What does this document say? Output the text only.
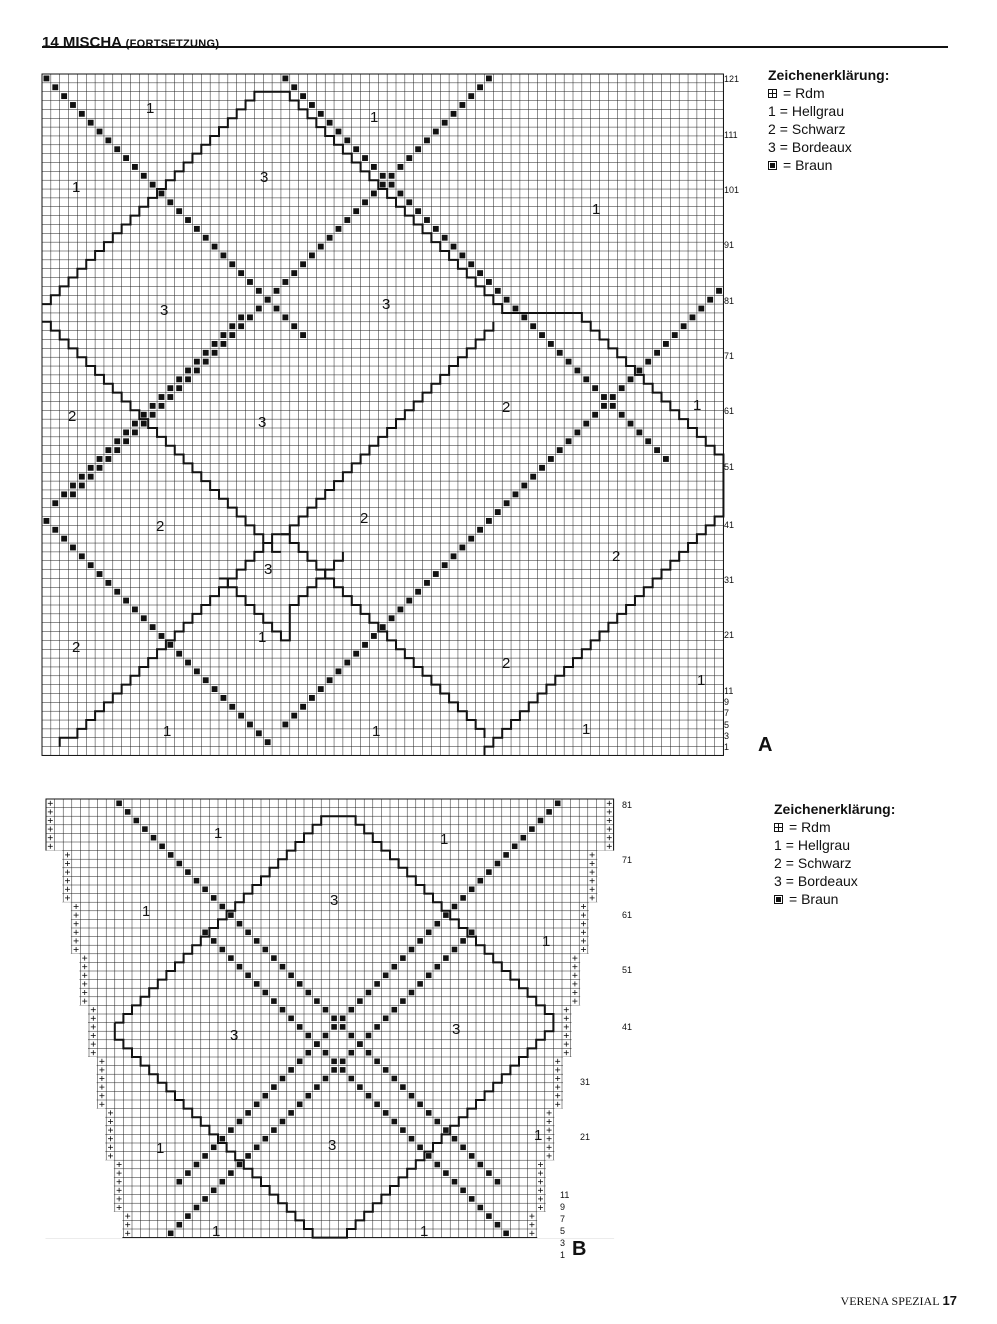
14 MISCHA (FORTSETZUNG)
1
1
1
1
3
3	3
3
3
2
2	1
2	2
2
2
1
2
1
1	1	1
121
111
101
91
81
71
61
51
41
31
21
11
9
7
5
3
1
1	1
1
3
1
3	3
1	3
1
1	1
81
71
61
51
41
31
21
11
9
7
5
3
1
Zeichenerklärung:
= Rdm
1 = Hellgrau
2 = Schwarz
3 = Bordeaux
= Braun
Zeichenerklärung:
= Rdm
1 = Hellgrau
2 = Schwarz
3 = Bordeaux
= Braun
A
B
VERENA SPEZIAL 17
